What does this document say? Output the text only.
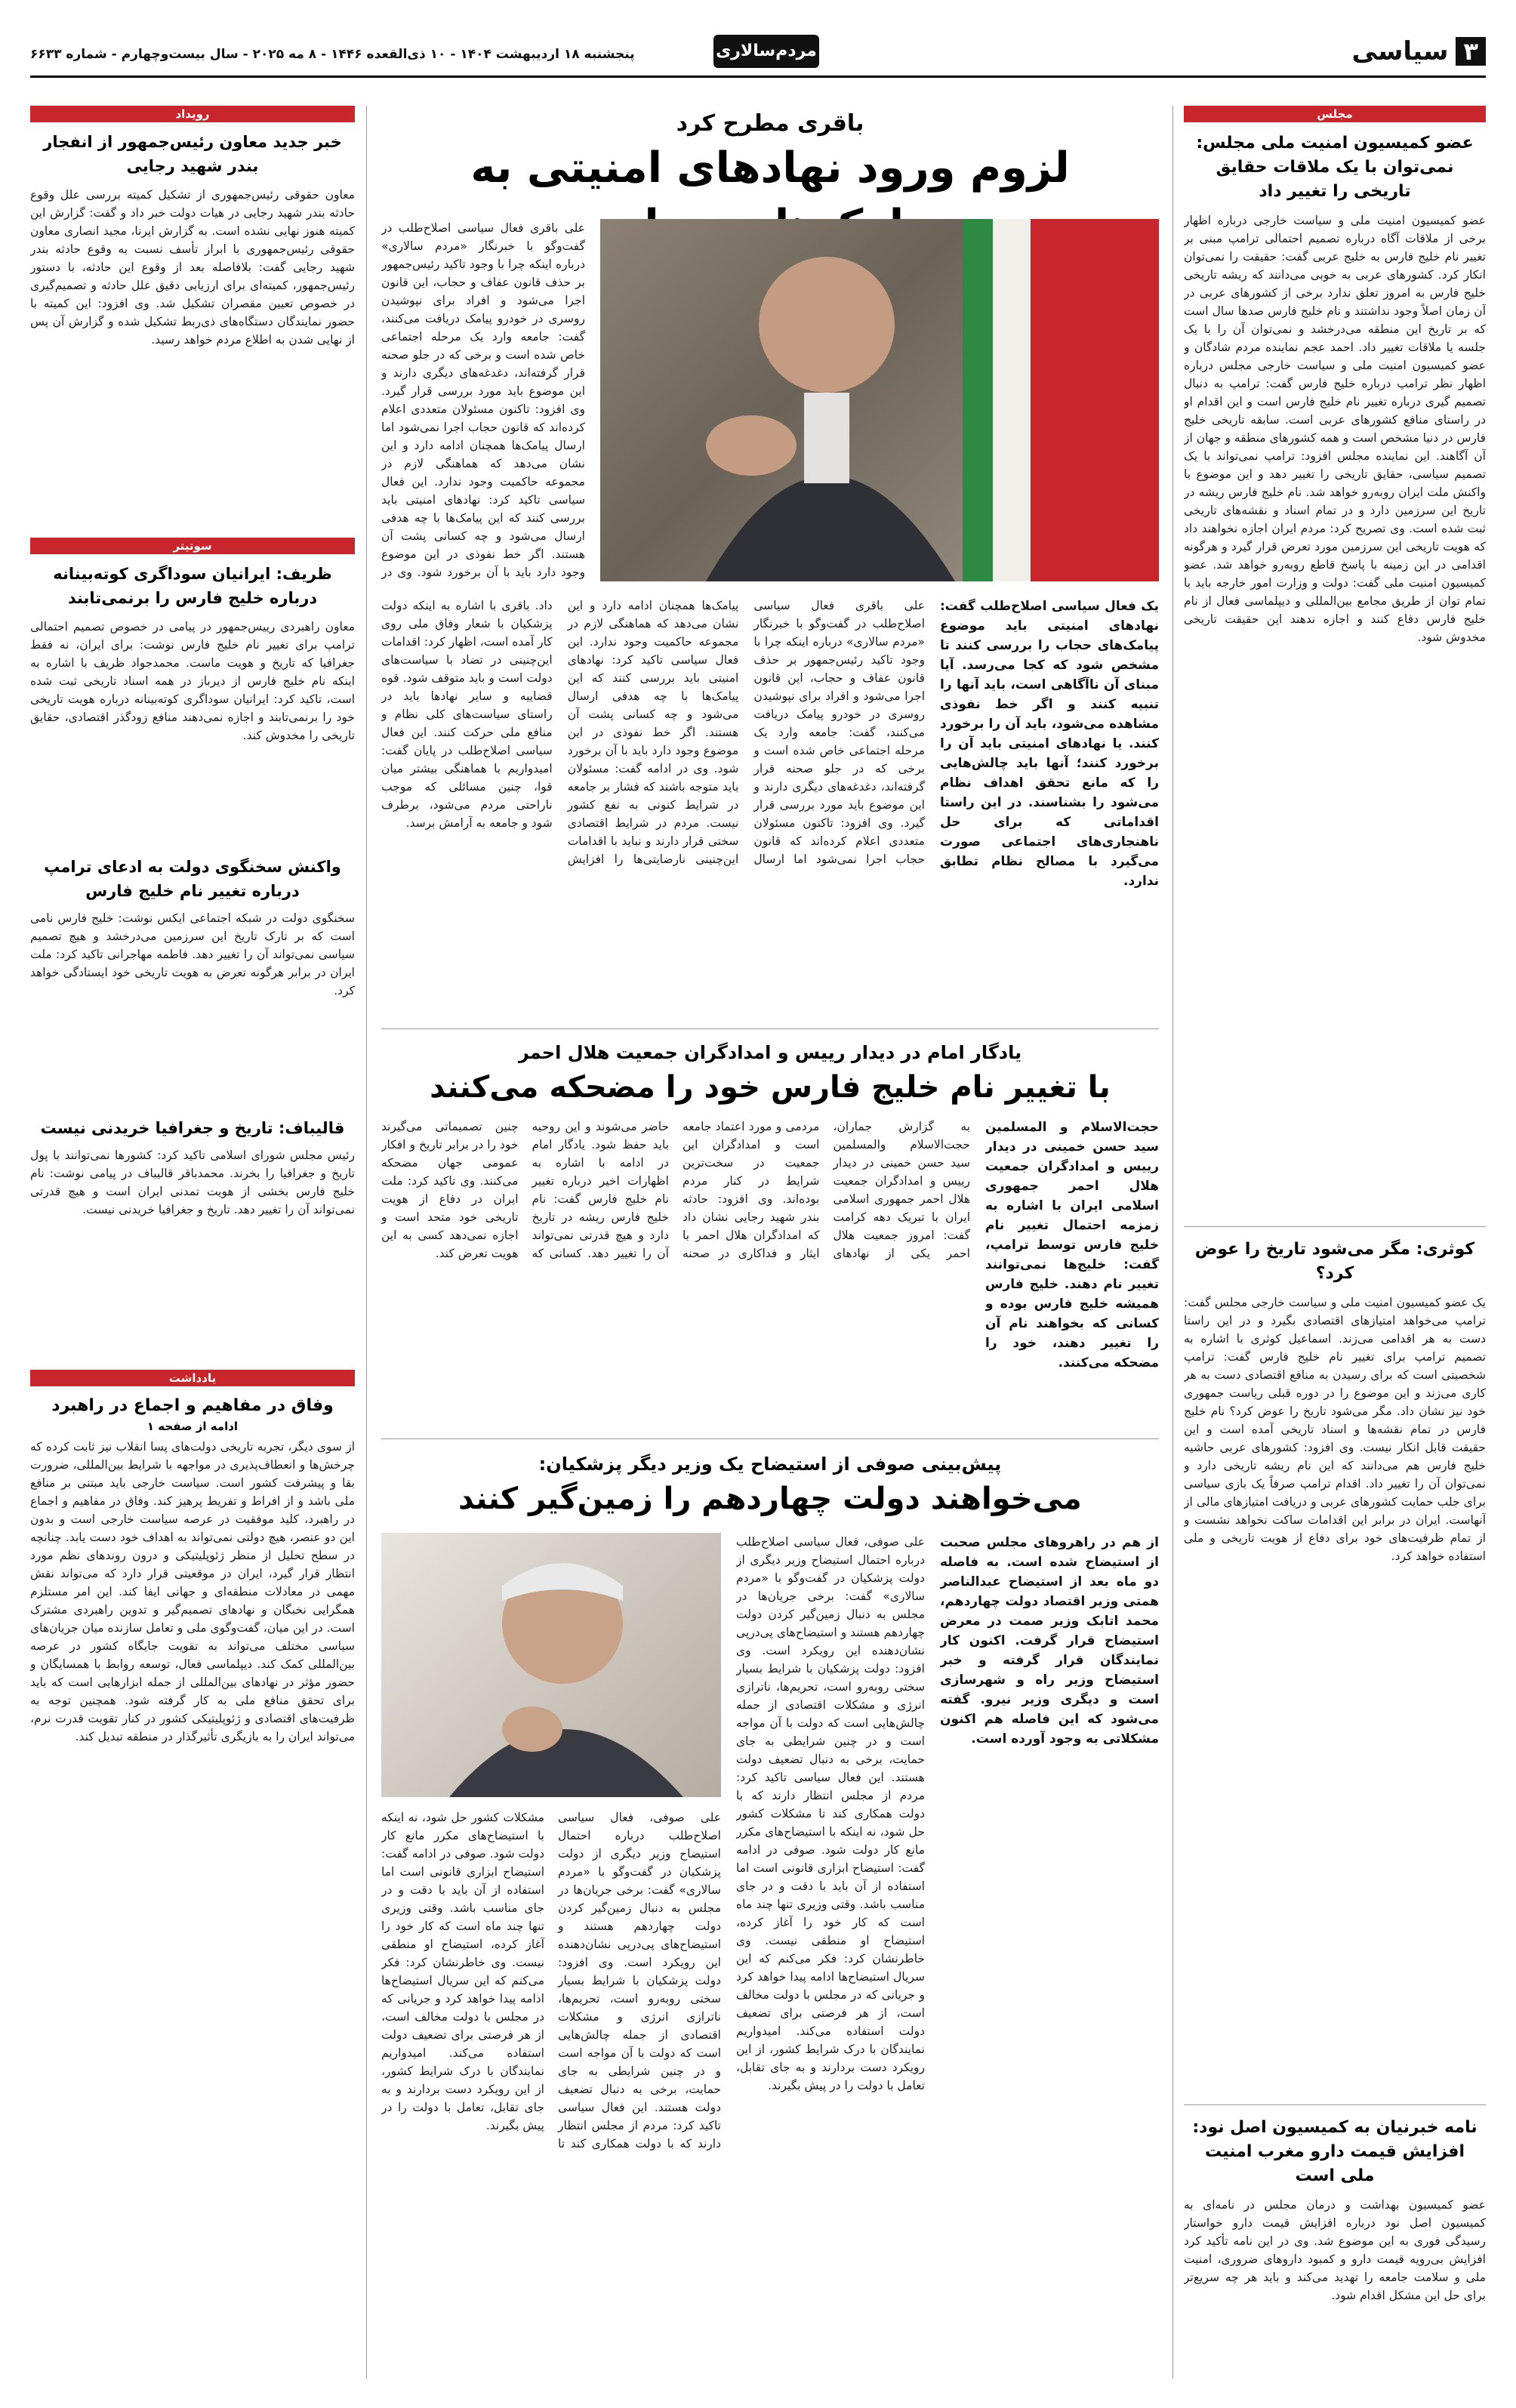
۳
سیاسی
پنجشنبه ۱۸ اردیبهشت ۱۴۰۴ - ۱۰ ذی‌القعده ۱۴۴۶ - ۸ مه ۲۰۲۵ - سال بیست‌وچهارم - شماره ۶۶۳۳	مردم‌سالاری
مجلس
عضو کمیسیون امنیت ملی مجلس: نمی‌توان با یک ملاقات حقایق تاریخی را تغییر داد
عضو کمیسیون امنیت ملی و سیاست خارجی درباره اظهار برخی از ملاقات آگاه درباره تصمیم احتمالی ترامپ مبنی بر تغییر نام خلیج فارس به خلیج عربی گفت: حقیقت را نمی‌توان انکار کرد. کشورهای عربی به خوبی می‌دانند که ریشه تاریخی خلیج فارس به امروز تعلق ندارد برخی از کشورهای عربی در آن زمان اصلاً وجود نداشتند و نام خلیج فارس صدها سال است که بر تاریخ این منطقه می‌درخشد و نمی‌توان آن را با یک جلسه یا ملاقات تغییر داد. احمد عجم نماینده مردم شادگان و عضو کمیسیون امنیت ملی و سیاست خارجی مجلس درباره اظهار نظر ترامپ درباره خلیج فارس گفت: ترامپ به دنبال تصمیم گیری درباره تغییر نام خلیج فارس است و این اقدام او در راستای منافع کشورهای عربی است. سابقه تاریخی خلیج فارس در دنیا مشخص است و همه کشورهای منطقه و جهان از آن آگاهند. این نماینده مجلس افزود: ترامپ نمی‌تواند با یک تصمیم سیاسی، حقایق تاریخی را تغییر دهد و این موضوع با واکنش ملت ایران روبه‌رو خواهد شد. نام خلیج فارس ریشه در تاریخ این سرزمین دارد و در تمام اسناد و نقشه‌های تاریخی ثبت شده است. وی تصریح کرد: مردم ایران اجازه نخواهند داد که هویت تاریخی این سرزمین مورد تعرض قرار گیرد و هرگونه اقدامی در این زمینه با پاسخ قاطع روبه‌رو خواهد شد. عضو کمیسیون امنیت ملی گفت: دولت و وزارت امور خارجه باید با تمام توان از طریق مجامع بین‌المللی و دیپلماسی فعال از نام خلیج فارس دفاع کنند و اجازه ندهند این حقیقت تاریخی مخدوش شود.
کوثری: مگر می‌شود تاریخ را عوض کرد؟
یک عضو کمیسیون امنیت ملی و سیاست خارجی مجلس گفت: ترامپ می‌خواهد امتیازهای اقتصادی بگیرد و در این راستا دست به هر اقدامی می‌زند. اسماعیل کوثری با اشاره به تصمیم ترامپ برای تغییر نام خلیج فارس گفت: ترامپ شخصیتی است که برای رسیدن به منافع اقتصادی دست به هر کاری می‌زند و این موضوع را در دوره قبلی ریاست جمهوری خود نیز نشان داد. مگر می‌شود تاریخ را عوض کرد؟ نام خلیج فارس در تمام نقشه‌ها و اسناد تاریخی آمده است و این حقیقت قابل انکار نیست. وی افزود: کشورهای عربی حاشیه خلیج فارس هم می‌دانند که این نام ریشه تاریخی دارد و نمی‌توان آن را تغییر داد. اقدام ترامپ صرفاً یک بازی سیاسی برای جلب حمایت کشورهای عربی و دریافت امتیازهای مالی از آنهاست. ایران در برابر این اقدامات ساکت نخواهد نشست و از تمام ظرفیت‌های خود برای دفاع از هویت تاریخی و ملی استفاده خواهد کرد.
نامه خبرنیان به کمیسیون اصل نود: افزایش قیمت دارو مغرب امنیت ملی است
عضو کمیسیون بهداشت و درمان مجلس در نامه‌ای به کمیسیون اصل نود درباره افزایش قیمت دارو خواستار رسیدگی فوری به این موضوع شد. وی در این نامه تأکید کرد افزایش بی‌رویه قیمت دارو و کمبود داروهای ضروری، امنیت ملی و سلامت جامعه را تهدید می‌کند و باید هر چه سریع‌تر برای حل این مشکل اقدام شود.
باقری مطرح کرد
لزوم ورود نهادهای امنیتی به
یک فعال سیاسی اصلاح‌طلب گفت: نهادهای امنیتی باید موضوع پیامک‌های حجاب را بررسی کنند تا مشخص شود که کجا می‌رسد. آیا مبنای آن ناآگاهی است، باید آنها را تنبیه کنند و اگر خط نفوذی مشاهده می‌شود، باید آن را برخورد کنند. یا نهادهای امنیتی باید آن را برخورد کنند؛ آنها باید چالش‌هایی را که مانع تحقق اهداف نظام می‌شود را بشناسند. در این راستا اقداماتی که برای حل ناهنجاری‌های اجتماعی صورت می‌گیرد با مصالح نظام تطابق ندارد.
علی باقری فعال سیاسی اصلاح‌طلب در گفت‌وگو با خبرنگار «مردم سالاری» درباره اینکه چرا با وجود تاکید رئیس‌جمهور بر حذف قانون عفاف و حجاب، این قانون اجرا می‌شود و افراد برای نپوشیدن روسری در خودرو پیامک دریافت می‌کنند، گفت: جامعه وارد یک مرحله اجتماعی خاص شده است و برخی که در جلو صحنه قرار گرفته‌اند، دغدغه‌های دیگری دارند و این موضوع باید مورد بررسی قرار گیرد. وی افزود: تاکنون مسئولان متعددی اعلام کرده‌اند که قانون حجاب اجرا نمی‌شود اما ارسال پیامک‌ها همچنان ادامه دارد و این نشان می‌دهد که هماهنگی لازم در مجموعه حاکمیت وجود ندارد. این فعال سیاسی تاکید کرد: نهادهای امنیتی باید بررسی کنند که این پیامک‌ها با چه هدفی ارسال می‌شود و چه کسانی پشت آن هستند. اگر خط نفوذی در این موضوع وجود دارد باید با آن برخورد شود. وی در ادامه گفت: مسئولان باید متوجه باشند که فشار بر جامعه در شرایط کنونی به نفع کشور نیست. مردم در شرایط اقتصادی سختی قرار دارند و نباید با اقدامات این‌چنینی نارضایتی‌ها را افزایش داد. باقری با اشاره به اینکه دولت پزشکیان با شعار وفاق ملی روی کار آمده است، اظهار کرد: اقدامات این‌چنینی در تضاد با سیاست‌های دولت است و باید متوقف شود. قوه قضاییه و سایر نهادها باید در راستای سیاست‌های کلی نظام و منافع ملی حرکت کنند. این فعال سیاسی اصلاح‌طلب در پایان گفت: امیدواریم با هماهنگی بیشتر میان قوا، چنین مسائلی که موجب ناراحتی مردم می‌شود، برطرف شود و جامعه به آرامش برسد.
علی باقری فعال سیاسی اصلاح‌طلب در گفت‌وگو با خبرنگار «مردم سالاری» درباره اینکه چرا با وجود تاکید رئیس‌جمهور بر حذف قانون عفاف و حجاب، این قانون اجرا می‌شود و افراد برای نپوشیدن روسری در خودرو پیامک دریافت می‌کنند، گفت: جامعه وارد یک مرحله اجتماعی خاص شده است و برخی که در جلو صحنه قرار گرفته‌اند، دغدغه‌های دیگری دارند و این موضوع باید مورد بررسی قرار گیرد. وی افزود: تاکنون مسئولان متعددی اعلام کرده‌اند که قانون حجاب اجرا نمی‌شود اما ارسال پیامک‌ها همچنان ادامه دارد و این نشان می‌دهد که هماهنگی لازم در مجموعه حاکمیت وجود ندارد. این فعال سیاسی تاکید کرد: نهادهای امنیتی باید بررسی کنند که این پیامک‌ها با چه هدفی ارسال می‌شود و چه کسانی پشت آن هستند. اگر خط نفوذی در این موضوع وجود دارد باید با آن برخورد شود. وی در
یادگار امام در دیدار رییس و امدادگران جمعیت هلال احمر
با تغییر نام خلیج فارس خود را مضحکه می‌کنند
حجت‌الاسلام و المسلمین سید حسن خمینی در دیدار رییس و امدادگران جمعیت هلال احمر جمهوری اسلامی ایران با اشاره به زمزمه احتمال تغییر نام خلیج فارس توسط ترامپ، گفت: خلیج‌ها نمی‌توانند تغییر نام دهند. خلیج فارس همیشه خلیج فارس بوده و کسانی که بخواهند نام آن را تغییر دهند، خود را مضحکه می‌کنند.
به گزارش جماران، حجت‌الاسلام والمسلمین سید حسن خمینی در دیدار رییس و امدادگران جمعیت هلال احمر جمهوری اسلامی ایران با تبریک دهه کرامت گفت: امروز جمعیت هلال احمر یکی از نهادهای مردمی و مورد اعتماد جامعه است و امدادگران این جمعیت در سخت‌ترین شرایط در کنار مردم بوده‌اند. وی افزود: حادثه بندر شهید رجایی نشان داد که امدادگران هلال احمر با ایثار و فداکاری در صحنه حاضر می‌شوند و این روحیه باید حفظ شود. یادگار امام در ادامه با اشاره به اظهارات اخیر درباره تغییر نام خلیج فارس گفت: نام خلیج فارس ریشه در تاریخ دارد و هیچ قدرتی نمی‌تواند آن را تغییر دهد. کسانی که چنین تصمیماتی می‌گیرند خود را در برابر تاریخ و افکار عمومی جهان مضحکه می‌کنند. وی تاکید کرد: ملت ایران در دفاع از هویت تاریخی خود متحد است و اجازه نمی‌دهد کسی به این هویت تعرض کند.
پیش‌بینی صوفی از استیضاح یک وزیر دیگر پزشکیان:
می‌خواهند دولت چهاردهم را زمین‌گیر کنند
از هم در راهروهای مجلس صحبت از استیضاح شده است. به فاصله دو ماه بعد از استیضاح عبدالناصر همتی وزیر اقتصاد دولت چهاردهم، محمد اتابک وزیر صمت در معرض استیضاح قرار گرفت. اکنون کار نمایندگان قرار گرفته و خبر استیضاح وزیر راه و شهرسازی است و دیگری وزیر نیرو. گفته می‌شود که این فاصله هم اکنون مشکلاتی به وجود آورده است.
علی صوفی، فعال سیاسی اصلاح‌طلب درباره احتمال استیضاح وزیر دیگری از دولت پزشکیان در گفت‌وگو با «مردم سالاری» گفت: برخی جریان‌ها در مجلس به دنبال زمین‌گیر کردن دولت چهاردهم هستند و استیضاح‌های پی‌درپی نشان‌دهنده این رویکرد است. وی افزود: دولت پزشکیان با شرایط بسیار سختی روبه‌رو است، تحریم‌ها، ناترازی انرژی و مشکلات اقتصادی از جمله چالش‌هایی است که دولت با آن مواجه است و در چنین شرایطی به جای حمایت، برخی به دنبال تضعیف دولت هستند. این فعال سیاسی تاکید کرد: مردم از مجلس انتظار دارند که با دولت همکاری کند تا مشکلات کشور حل شود، نه اینکه با استیضاح‌های مکرر مانع کار دولت شود. صوفی در ادامه گفت: استیضاح ابزاری قانونی است اما استفاده از آن باید با دقت و در جای مناسب باشد. وقتی وزیری تنها چند ماه است که کار خود را آغاز کرده، استیضاح او منطقی نیست. وی خاطرنشان کرد: فکر می‌کنم که این سریال استیضاح‌ها ادامه پیدا خواهد کرد و جریانی که در مجلس با دولت مخالف است، از هر فرصتی برای تضعیف دولت استفاده می‌کند. امیدواریم نمایندگان با درک شرایط کشور، از این رویکرد دست بردارند و به جای تقابل، تعامل با دولت را در پیش بگیرند.
علی صوفی، فعال سیاسی اصلاح‌طلب درباره احتمال استیضاح وزیر دیگری از دولت پزشکیان در گفت‌وگو با «مردم سالاری» گفت: برخی جریان‌ها در مجلس به دنبال زمین‌گیر کردن دولت چهاردهم هستند و استیضاح‌های پی‌درپی نشان‌دهنده این رویکرد است. وی افزود: دولت پزشکیان با شرایط بسیار سختی روبه‌رو است، تحریم‌ها، ناترازی انرژی و مشکلات اقتصادی از جمله چالش‌هایی است که دولت با آن مواجه است و در چنین شرایطی به جای حمایت، برخی به دنبال تضعیف دولت هستند. این فعال سیاسی تاکید کرد: مردم از مجلس انتظار دارند که با دولت همکاری کند تا مشکلات کشور حل شود، نه اینکه با استیضاح‌های مکرر مانع کار دولت شود. صوفی در ادامه گفت: استیضاح ابزاری قانونی است اما استفاده از آن باید با دقت و در جای مناسب باشد. وقتی وزیری تنها چند ماه است که کار خود را آغاز کرده، استیضاح او منطقی نیست. وی خاطرنشان کرد: فکر می‌کنم که این سریال استیضاح‌ها ادامه پیدا خواهد کرد و جریانی که در مجلس با دولت مخالف است، از هر فرصتی برای تضعیف دولت استفاده می‌کند. امیدواریم نمایندگان با درک شرایط کشور، از این رویکرد دست بردارند و به جای تقابل، تعامل با دولت را در پیش بگیرند.
رویداد
خبر جدید معاون رئیس‌جمهور از انفجار بندر شهید رجایی
معاون حقوقی رئیس‌جمهوری از تشکیل کمیته بررسی علل وقوع حادثه بندر شهید رجایی در هیات دولت خبر داد و گفت: گزارش این کمیته هنوز نهایی نشده است. به گزارش ایرنا، مجید انصاری معاون حقوقی رئیس‌جمهوری با ابراز تأسف نسبت به وقوع حادثه بندر شهید رجایی گفت: بلافاصله بعد از وقوع این حادثه، با دستور رئیس‌جمهور، کمیته‌ای برای ارزیابی دقیق علل حادثه و تصمیم‌گیری در خصوص تعیین مقصران تشکیل شد. وی افزود: این کمیته با حضور نمایندگان دستگاه‌های ذی‌ربط تشکیل شده و گزارش آن پس از نهایی شدن به اطلاع مردم خواهد رسید.
سوتیتر
ظریف: ایرانیان سوداگری کوته‌بینانه درباره خلیج فارس را برنمی‌تابند
معاون راهبردی رییس‌جمهور در پیامی در خصوص تصمیم احتمالی ترامپ برای تغییر نام خلیج فارس نوشت: برای ایران، نه فقط جغرافیا که تاریخ و هویت ماست. محمدجواد ظریف با اشاره به اینکه نام خلیج فارس از دیرباز در همه اسناد تاریخی ثبت شده است، تاکید کرد: ایرانیان سوداگری کوته‌بینانه درباره هویت تاریخی خود را برنمی‌تابند و اجازه نمی‌دهند منافع زودگذر اقتصادی، حقایق تاریخی را مخدوش کند.
واکنش سخنگوی دولت به ادعای ترامپ درباره تغییر نام خلیج فارس
سخنگوی دولت در شبکه اجتماعی ایکس نوشت: خلیج فارس نامی است که بر تارک تاریخ این سرزمین می‌درخشد و هیچ تصمیم سیاسی نمی‌تواند آن را تغییر دهد. فاطمه مهاجرانی تاکید کرد: ملت ایران در برابر هرگونه تعرض به هویت تاریخی خود ایستادگی خواهد کرد.
قالیباف: تاریخ و جغرافیا خریدنی نیست
رئیس مجلس شورای اسلامی تاکید کرد: کشورها نمی‌توانند با پول تاریخ و جغرافیا را بخرند. محمدباقر قالیباف در پیامی نوشت: نام خلیج فارس بخشی از هویت تمدنی ایران است و هیچ قدرتی نمی‌تواند آن را تغییر دهد. تاریخ و جغرافیا خریدنی نیست.
یادداشت
وفاق در مفاهیم و اجماع در راهبرد
ادامه از صفحه ۱
از سوی دیگر، تجربه تاریخی دولت‌های پسا انقلاب نیز ثابت کرده که چرخش‌ها و انعطاف‌پذیری در مواجهه با شرایط بین‌المللی، ضرورت بقا و پیشرفت کشور است. سیاست خارجی باید مبتنی بر منافع ملی باشد و از افراط و تفریط پرهیز کند. وفاق در مفاهیم و اجماع در راهبرد، کلید موفقیت در عرصه سیاست خارجی است و بدون این دو عنصر، هیچ دولتی نمی‌تواند به اهداف خود دست یابد. چنانچه در سطح تحلیل از منظر ژئوپلیتیکی و درون روندهای نظم مورد انتظار قرار گیرد، ایران در موقعیتی قرار دارد که می‌تواند نقش مهمی در معادلات منطقه‌ای و جهانی ایفا کند. این امر مستلزم همگرایی نخبگان و نهادهای تصمیم‌گیر و تدوین راهبردی مشترک است. در این میان، گفت‌وگوی ملی و تعامل سازنده میان جریان‌های سیاسی مختلف می‌تواند به تقویت جایگاه کشور در عرصه بین‌المللی کمک کند. دیپلماسی فعال، توسعه روابط با همسایگان و حضور مؤثر در نهادهای بین‌المللی از جمله ابزارهایی است که باید برای تحقق منافع ملی به کار گرفته شود. همچنین توجه به ظرفیت‌های اقتصادی و ژئوپلیتیکی کشور در کنار تقویت قدرت نرم، می‌تواند ایران را به بازیگری تأثیرگذار در منطقه تبدیل کند.
